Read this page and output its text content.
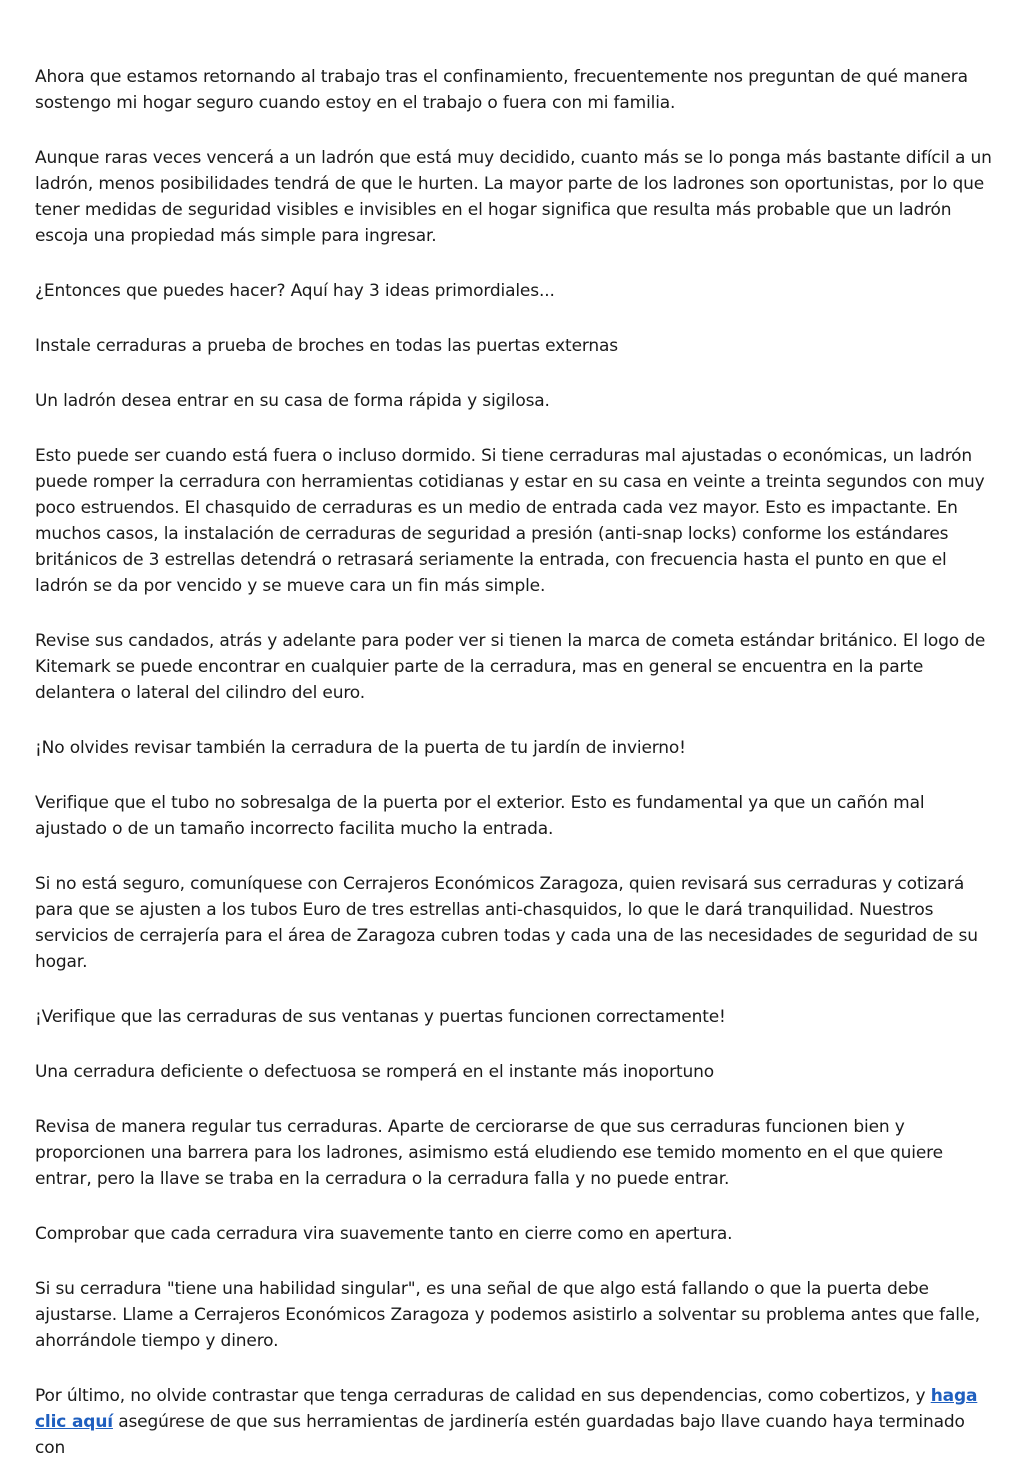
Ahora que estamos retornando al trabajo tras el confinamiento, frecuentemente nos preguntan de qué manera sostengo mi hogar seguro cuando estoy en el trabajo o fuera con mi familia.

Aunque raras veces vencerá a un ladrón que está muy decidido, cuanto más se lo ponga más bastante difícil a un ladrón, menos posibilidades tendrá de que le hurten. La mayor parte de los ladrones son oportunistas, por lo que tener medidas de seguridad visibles e invisibles en el hogar significa que resulta más probable que un ladrón escoja una propiedad más simple para ingresar.

¿Entonces que puedes hacer? Aquí hay 3 ideas primordiales...

Instale cerraduras a prueba de broches en todas las puertas externas

Un ladrón desea entrar en su casa de forma rápida y sigilosa.

Esto puede ser cuando está fuera o incluso dormido. Si tiene cerraduras mal ajustadas o económicas, un ladrón puede romper la cerradura con herramientas cotidianas y estar en su casa en veinte a treinta segundos con muy poco estruendos. El chasquido de cerraduras es un medio de entrada cada vez mayor. Esto es impactante. En muchos casos, la instalación de cerraduras de seguridad a presión (anti-snap locks) conforme los estándares británicos de 3 estrellas detendrá o retrasará seriamente la entrada, con frecuencia hasta el punto en que el ladrón se da por vencido y se mueve cara un fin más simple.

Revise sus candados, atrás y adelante para poder ver si tienen la marca de cometa estándar británico. El logo de Kitemark se puede encontrar en cualquier parte de la cerradura, mas en general se encuentra en la parte delantera o lateral del cilindro del euro.

¡No olvides revisar también la cerradura de la puerta de tu jardín de invierno!

Verifique que el tubo no sobresalga de la puerta por el exterior. Esto es fundamental ya que un cañón mal ajustado o de un tamaño incorrecto facilita mucho la entrada.

Si no está seguro, comuníquese con Cerrajeros Económicos Zaragoza, quien revisará sus cerraduras y cotizará para que se ajusten a los tubos Euro de tres estrellas anti-chasquidos, lo que le dará tranquilidad. Nuestros servicios de cerrajería para el área de Zaragoza cubren todas y cada una de las necesidades de seguridad de su hogar.

¡Verifique que las cerraduras de sus ventanas y puertas funcionen correctamente!

Una cerradura deficiente o defectuosa se romperá en el instante más inoportuno

Revisa de manera regular tus cerraduras. Aparte de cerciorarse de que sus cerraduras funcionen bien y proporcionen una barrera para los ladrones, asimismo está eludiendo ese temido momento en el que quiere entrar, pero la llave se traba en la cerradura o la cerradura falla y no puede entrar.

Comprobar que cada cerradura vira suavemente tanto en cierre como en apertura.

Si su cerradura "tiene una habilidad singular", es una señal de que algo está fallando o que la puerta debe ajustarse. Llame a Cerrajeros Económicos Zaragoza y podemos asistirlo a solventar su problema antes que falle, ahorrándole tiempo y dinero.

Por último, no olvide contrastar que tenga cerraduras de calidad en sus dependencias, como cobertizos, y haga clic aquí asegúrese de que sus herramientas de jardinería estén guardadas bajo llave cuando haya terminado con
